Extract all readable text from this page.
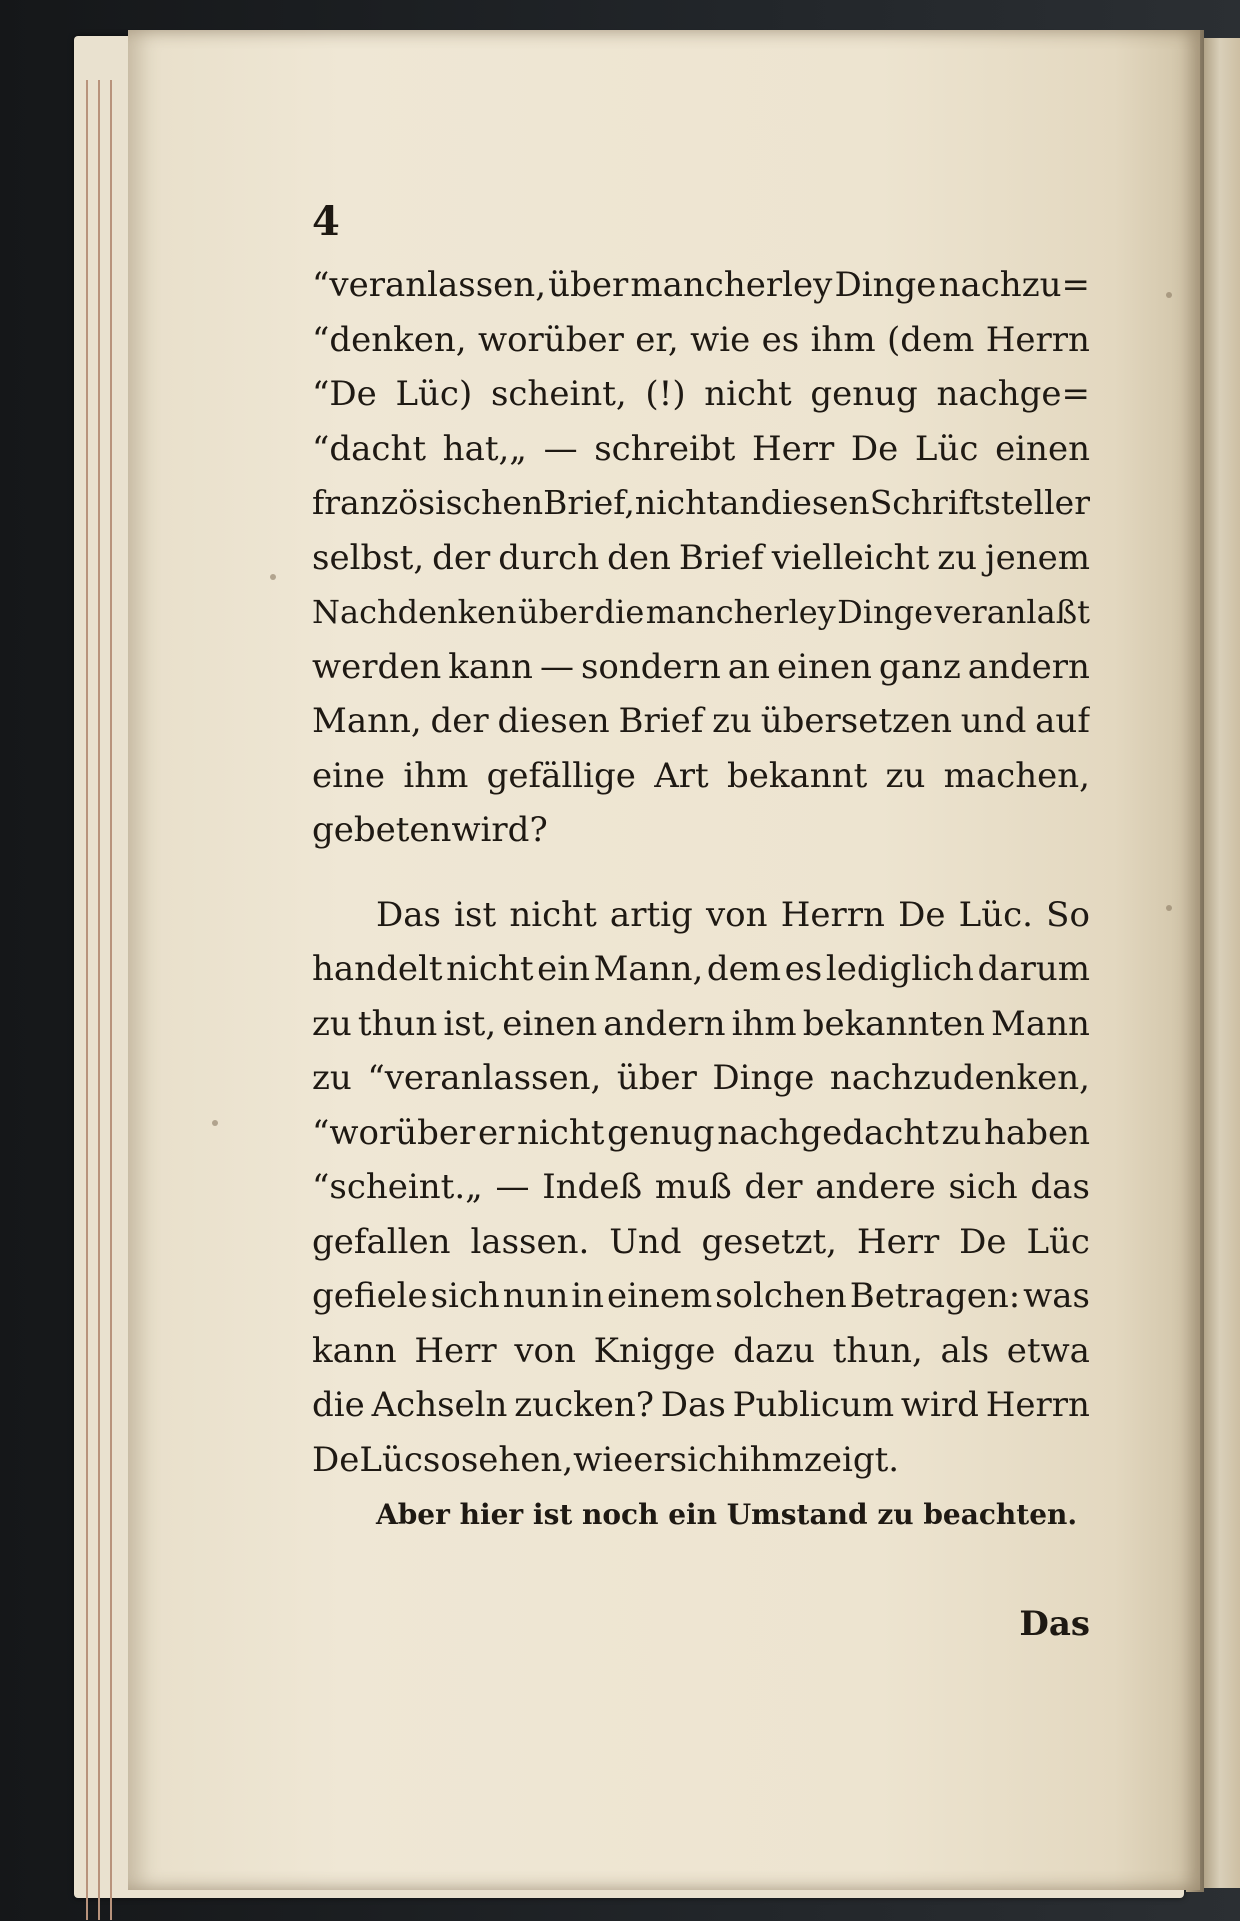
4
“veranlassen, über mancherley Dinge nachzu=
“denken, worüber er, wie es ihm (dem Herrn
“De Lüc) scheint, (!) nicht genug nachge=
“dacht hat,„ — schreibt Herr De Lüc einen
französischen Brief, nicht an diesen Schriftsteller
selbst, der durch den Brief vielleicht zu jenem
Nachdenken über die mancherley Dinge veranlaßt
werden kann — sondern an einen ganz andern
Mann, der diesen Brief zu übersetzen und auf
eine ihm gefällige Art bekannt zu machen,
gebeten wird?
Das ist nicht artig von Herrn De Lüc. So
handelt nicht ein Mann, dem es lediglich darum
zu thun ist, einen andern ihm bekannten Mann
zu “veranlassen, über Dinge nachzudenken,
“worüber er nicht genug nachgedacht zu haben
“scheint.„ — Indeß muß der andere sich das
gefallen lassen. Und gesetzt, Herr De Lüc
gefiele sich nun in einem solchen Betragen: was
kann Herr von Knigge dazu thun, als etwa
die Achseln zucken? Das Publicum wird Herrn
De Lüc so sehen, wie er sich ihm zeigt.
Aber hier ist noch ein Umstand zu beachten.
Das
